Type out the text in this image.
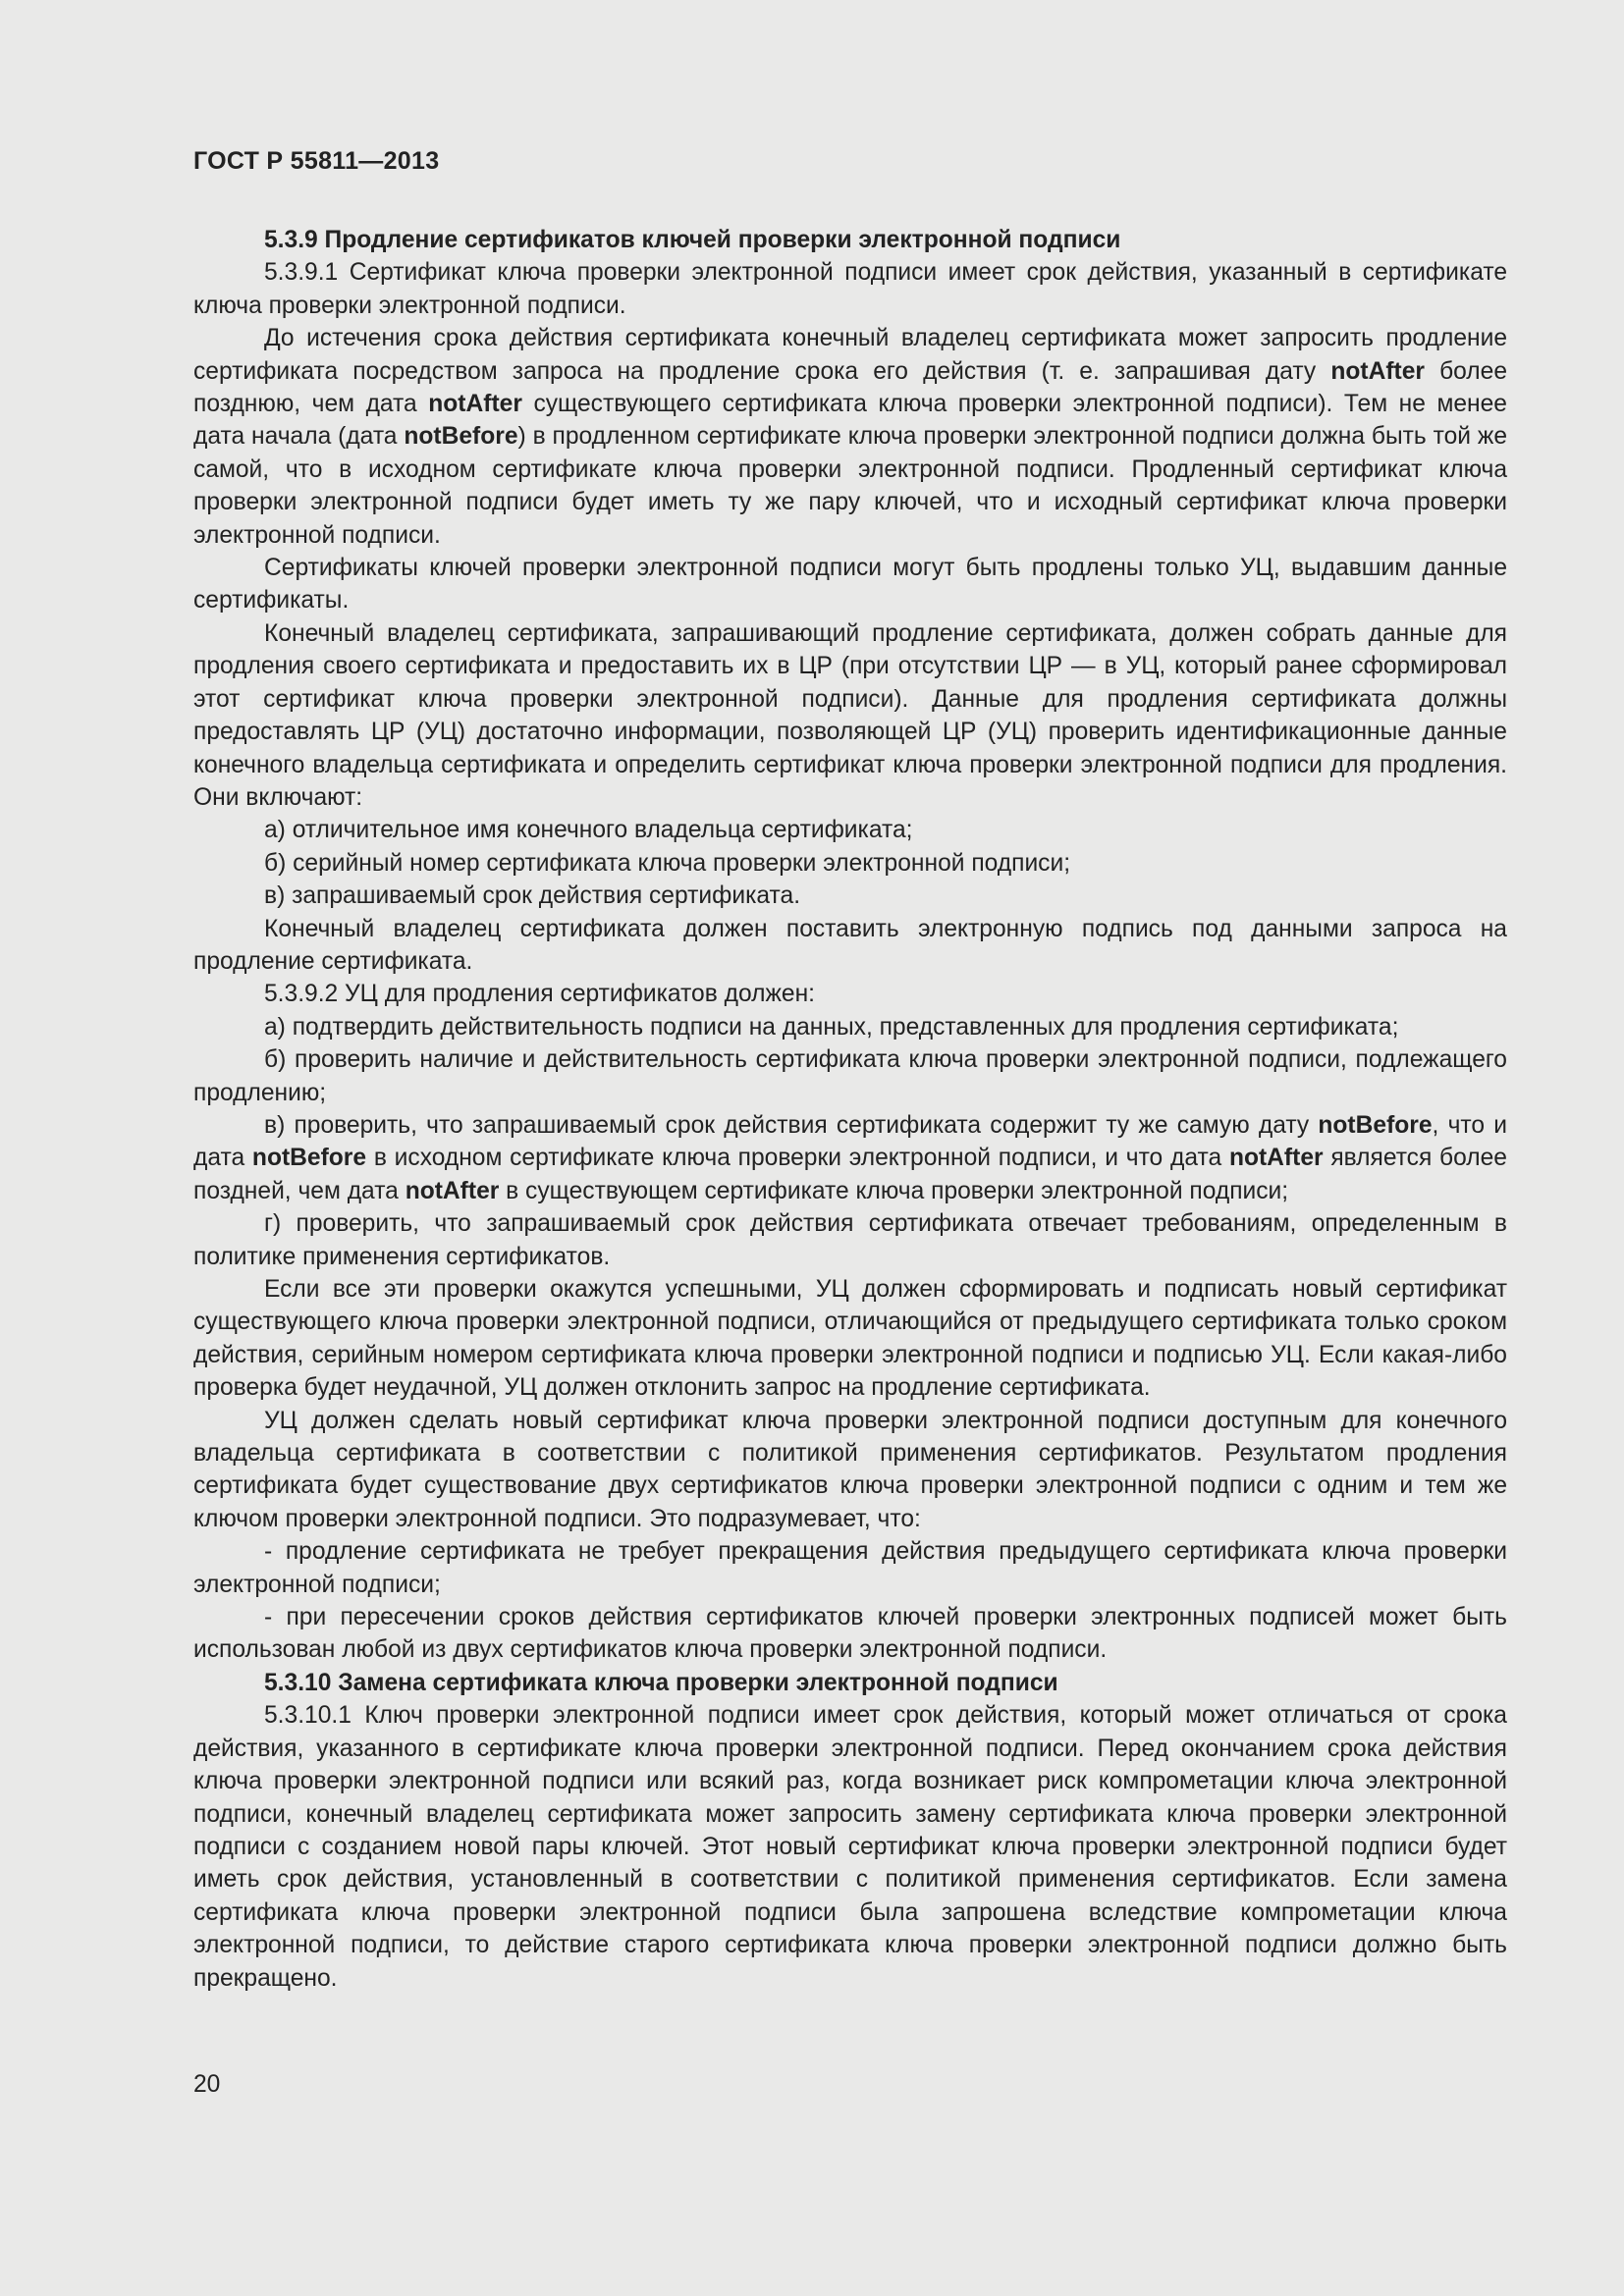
ГОСТ Р 55811—2013

5.3.9 Продление сертификатов ключей проверки электронной подписи

5.3.9.1 Сертификат ключа проверки электронной подписи имеет срок действия, указанный в сертификате ключа проверки электронной подписи.

До истечения срока действия сертификата конечный владелец сертификата может запросить продление сертификата посредством запроса на продление срока его действия (т. е. запрашивая дату notAfter более позднюю, чем дата notAfter существующего сертификата ключа проверки электронной подписи). Тем не менее дата начала (дата notBefore) в продленном сертификате ключа проверки электронной подписи должна быть той же самой, что в исходном сертификате ключа проверки электронной подписи. Продленный сертификат ключа проверки электронной подписи будет иметь ту же пару ключей, что и исходный сертификат ключа проверки электронной подписи.

Сертификаты ключей проверки электронной подписи могут быть продлены только УЦ, выдавшим данные сертификаты.

Конечный владелец сертификата, запрашивающий продление сертификата, должен собрать данные для продления своего сертификата и предоставить их в ЦР (при отсутствии ЦР — в УЦ, который ранее сформировал этот сертификат ключа проверки электронной подписи). Данные для продления сертификата должны предоставлять ЦР (УЦ) достаточно информации, позволяющей ЦР (УЦ) проверить идентификационные данные конечного владельца сертификата и определить сертификат ключа проверки электронной подписи для продления. Они включают:

а) отличительное имя конечного владельца сертификата;

б) серийный номер сертификата ключа проверки электронной подписи;

в) запрашиваемый срок действия сертификата.

Конечный владелец сертификата должен поставить электронную подпись под данными запроса на продление сертификата.

5.3.9.2 УЦ для продления сертификатов должен:

а) подтвердить действительность подписи на данных, представленных для продления сертификата;

б) проверить наличие и действительность сертификата ключа проверки электронной подписи, подлежащего продлению;

в) проверить, что запрашиваемый срок действия сертификата содержит ту же самую дату notBefore, что и дата notBefore в исходном сертификате ключа проверки электронной подписи, и что дата notAfter является более поздней, чем дата notAfter в существующем сертификате ключа проверки электронной подписи;

г) проверить, что запрашиваемый срок действия сертификата отвечает требованиям, определенным в политике применения сертификатов.

Если все эти проверки окажутся успешными, УЦ должен сформировать и подписать новый сертификат существующего ключа проверки электронной подписи, отличающийся от предыдущего сертификата только сроком действия, серийным номером сертификата ключа проверки электронной подписи и подписью УЦ. Если какая-либо проверка будет неудачной, УЦ должен отклонить запрос на продление сертификата.

УЦ должен сделать новый сертификат ключа проверки электронной подписи доступным для конечного владельца сертификата в соответствии с политикой применения сертификатов. Результатом продления сертификата будет существование двух сертификатов ключа проверки электронной подписи с одним и тем же ключом проверки электронной подписи. Это подразумевает, что:

- продление сертификата не требует прекращения действия предыдущего сертификата ключа проверки электронной подписи;

- при пересечении сроков действия сертификатов ключей проверки электронных подписей может быть использован любой из двух сертификатов ключа проверки электронной подписи.

5.3.10 Замена сертификата ключа проверки электронной подписи

5.3.10.1 Ключ проверки электронной подписи имеет срок действия, который может отличаться от срока действия, указанного в сертификате ключа проверки электронной подписи. Перед окончанием срока действия ключа проверки электронной подписи или всякий раз, когда возникает риск компрометации ключа электронной подписи, конечный владелец сертификата может запросить замену сертификата ключа проверки электронной подписи с созданием новой пары ключей. Этот новый сертификат ключа проверки электронной подписи будет иметь срок действия, установленный в соответствии с политикой применения сертификатов. Если замена сертификата ключа проверки электронной подписи была запрошена вследствие компрометации ключа электронной подписи, то действие старого сертификата ключа проверки электронной подписи должно быть прекращено.

20
